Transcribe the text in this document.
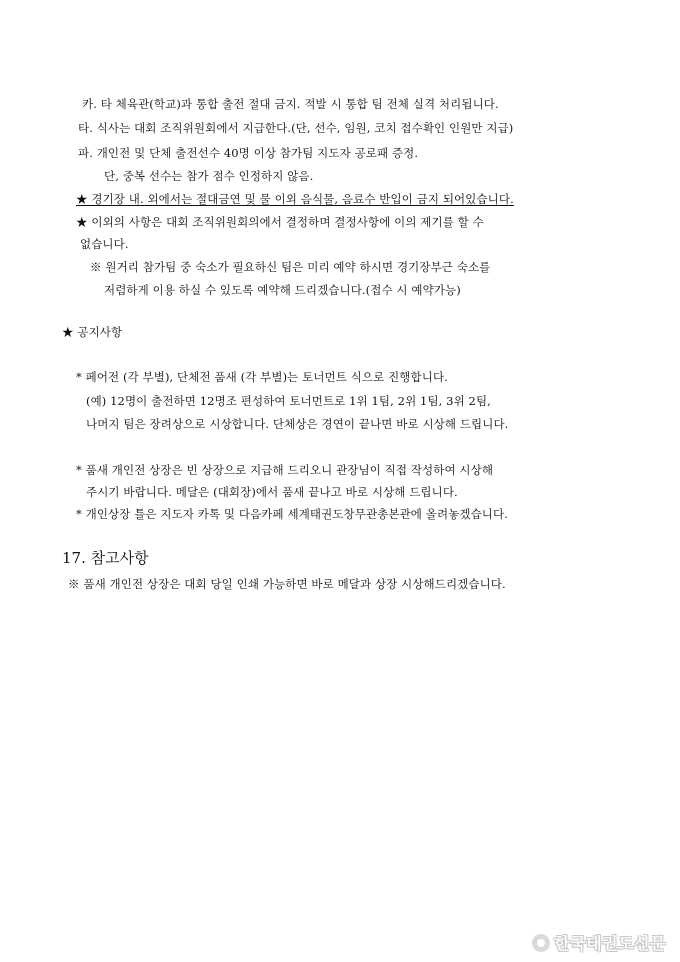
카. 타 체육관(학교)과 통합 출전 절대 금지. 적발 시 통합 팀 전체 실격 처리됩니다.
타. 식사는 대회 조직위원회에서 지급한다.(단, 선수, 임원, 코치 접수확인 인원만 지급)
파. 개인전 및 단체 출전선수 40명 이상 참가팀 지도자 공로패 증정.
단, 중복 선수는 참가 점수 인정하지 않음.
★ 경기장 내. 외에서는 절대금연 및 물 이외 음식물, 음료수 반입이 금지 되어있습니다.
★ 이외의 사항은 대회 조직위원회의에서 결정하며 결정사항에 이의 제기를 할 수
없습니다.
※ 원거리 참가팀 중 숙소가 필요하신 팀은 미리 예약 하시면 경기장부근 숙소를
저렴하게 이용 하실 수 있도록 예약해 드리겠습니다.(접수 시 예약가능)
★ 공지사항
* 페어전 (각 부별), 단체전 품새 (각 부별)는 토너먼트 식으로 진행합니다.
(예) 12명이 출전하면 12명조 편성하여 토너먼트로 1위 1팀, 2위 1팀, 3위 2팀,
나머지 팀은 장려상으로 시상합니다. 단체상은 경연이 끝나면 바로 시상해 드립니다.
* 품새 개인전 상장은 빈 상장으로 지급해 드리오니 관장님이 직접 작성하여 시상해
주시기 바랍니다. 메달은 (대회장)에서 품새 끝나고 바로 시상해 드립니다.
* 개인상장 틀은 지도자 카톡 및 다음카페 세계태권도창무관총본관에 올려놓겠습니다.
17. 참고사항
※ 품새 개인전 상장은 대회 당일 인쇄 가능하면 바로 메달과 상장 시상해드리겠습니다.
한국태권도신문
